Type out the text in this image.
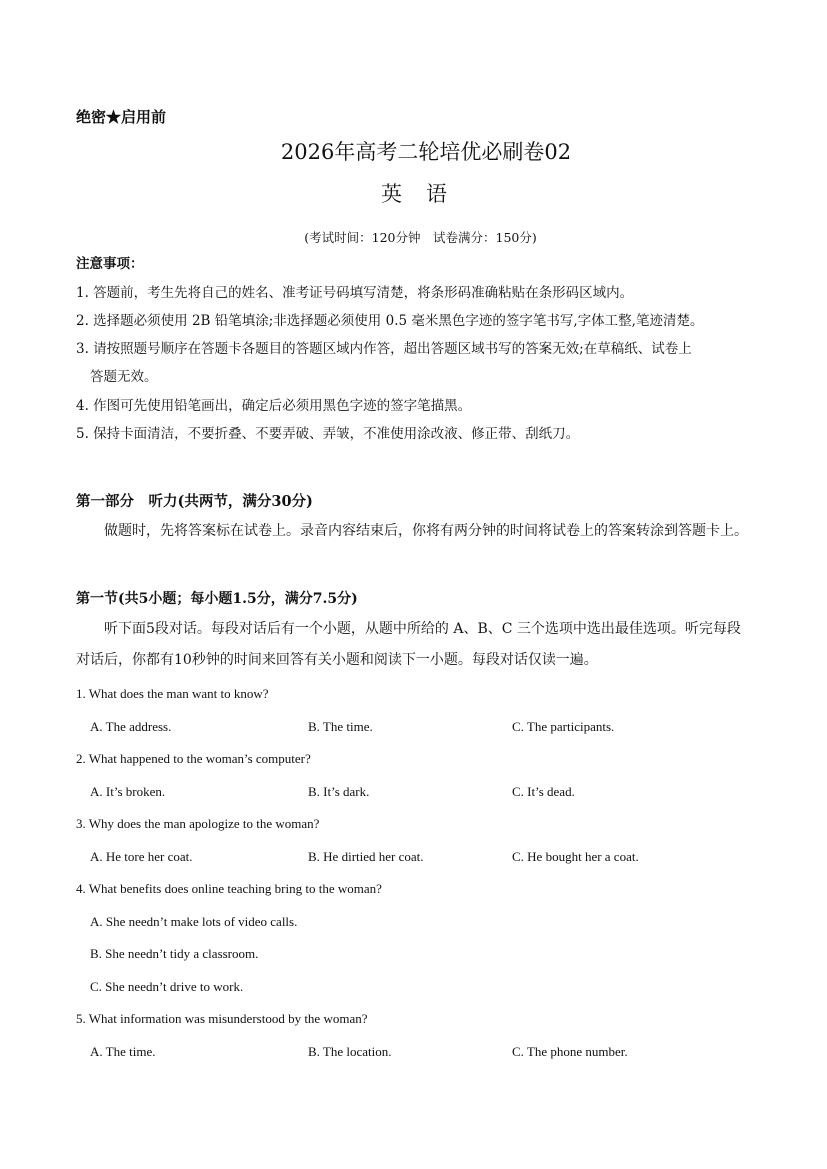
绝密★启用前
2026年高考二轮培优必刷卷02
英语
(考试时间：120分钟　试卷满分：150分)
注意事项：
1. 答题前，考生先将自己的姓名、准考证号码填写清楚，将条形码准确粘贴在条形码区域内。
2. 选择题必须使用 2B 铅笔填涂;非选择题必须使用 0.5 毫米黑色字迹的签字笔书写,字体工整,笔迹清楚。
3. 请按照题号顺序在答题卡各题目的答题区域内作答，超出答题区域书写的答案无效;在草稿纸、试卷上
答题无效。
4. 作图可先使用铅笔画出，确定后必须用黑色字迹的签字笔描黑。
5. 保持卡面清洁，不要折叠、不要弄破、弄皱，不准使用涂改液、修正带、刮纸刀。
第一部分　听力(共两节，满分30分)
做题时，先将答案标在试卷上。录音内容结束后，你将有两分钟的时间将试卷上的答案转涂到答题卡上。
第一节(共5小题；每小题1.5分，满分7.5分)
听下面5段对话。每段对话后有一个小题，从题中所给的 A、B、C 三个选项中选出最佳选项。听完每段对话后，你都有10秒钟的时间来回答有关小题和阅读下一小题。每段对话仅读一遍。
1. What does the man want to know?
A. The address.	B. The time.	C. The participants.
2. What happened to the woman’s computer?
A. It’s broken.	B. It’s dark.	C. It’s dead.
3. Why does the man apologize to the woman?
A. He tore her coat.	B. He dirtied her coat.	C. He bought her a coat.
4. What benefits does online teaching bring to the woman?
A. She needn’t make lots of video calls.
B. She needn’t tidy a classroom.
C. She needn’t drive to work.
5. What information was misunderstood by the woman?
A. The time.	B. The location.	C. The phone number.
